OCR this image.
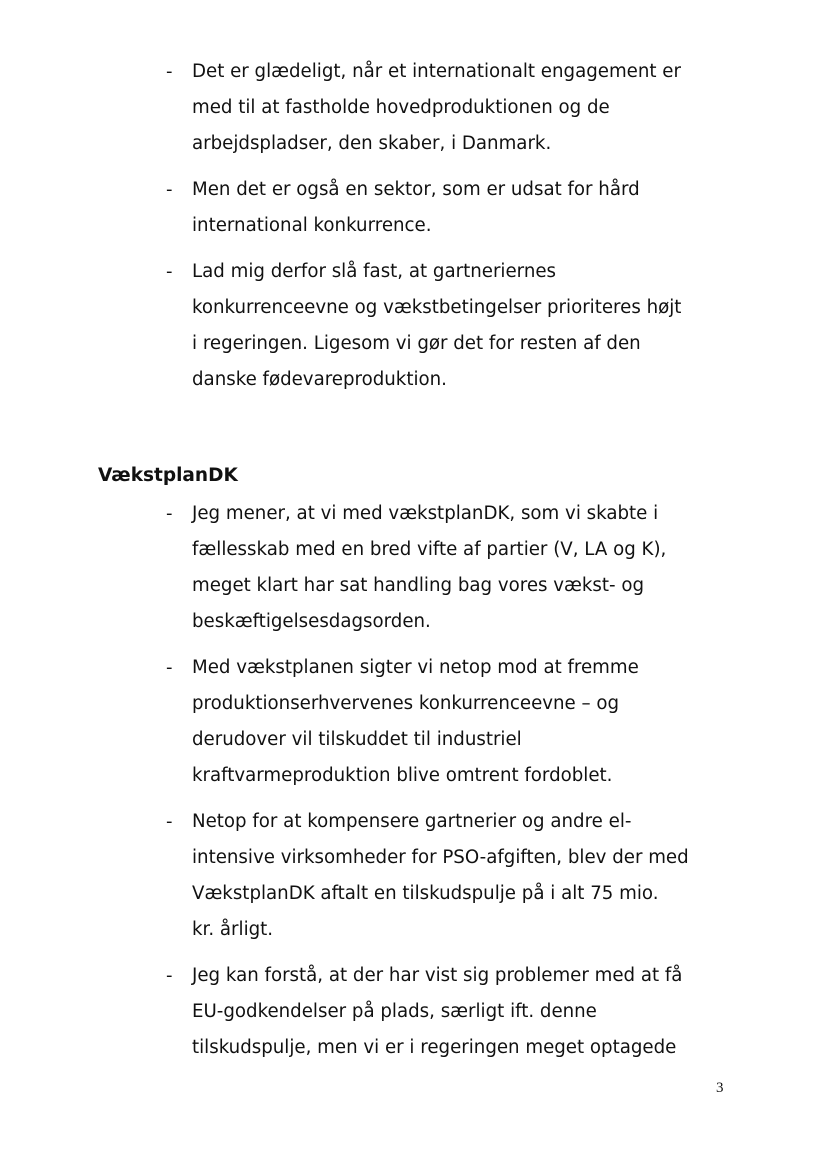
- Det er glædeligt, når et internationalt engagement er
med til at fastholde hovedproduktionen og de
arbejdspladser, den skaber, i Danmark.
- Men det er også en sektor, som er udsat for hård
international konkurrence.
- Lad mig derfor slå fast, at gartneriernes
konkurrenceevne og vækstbetingelser prioriteres højt
i regeringen. Ligesom vi gør det for resten af den
danske fødevareproduktion.
VækstplanDK
- Jeg mener, at vi med vækstplanDK, som vi skabte i
fællesskab med en bred vifte af partier (V, LA og K),
meget klart har sat handling bag vores vækst- og
beskæftigelsesdagsorden.
- Med vækstplanen sigter vi netop mod at fremme
produktionserhvervenes konkurrenceevne – og
derudover vil tilskuddet til industriel
kraftvarmeproduktion blive omtrent fordoblet.
- Netop for at kompensere gartnerier og andre el-
intensive virksomheder for PSO-afgiften, blev der med
VækstplanDK aftalt en tilskudspulje på i alt 75 mio.
kr. årligt.
- Jeg kan forstå, at der har vist sig problemer med at få
EU-godkendelser på plads, særligt ift. denne
tilskudspulje, men vi er i regeringen meget optagede
3
